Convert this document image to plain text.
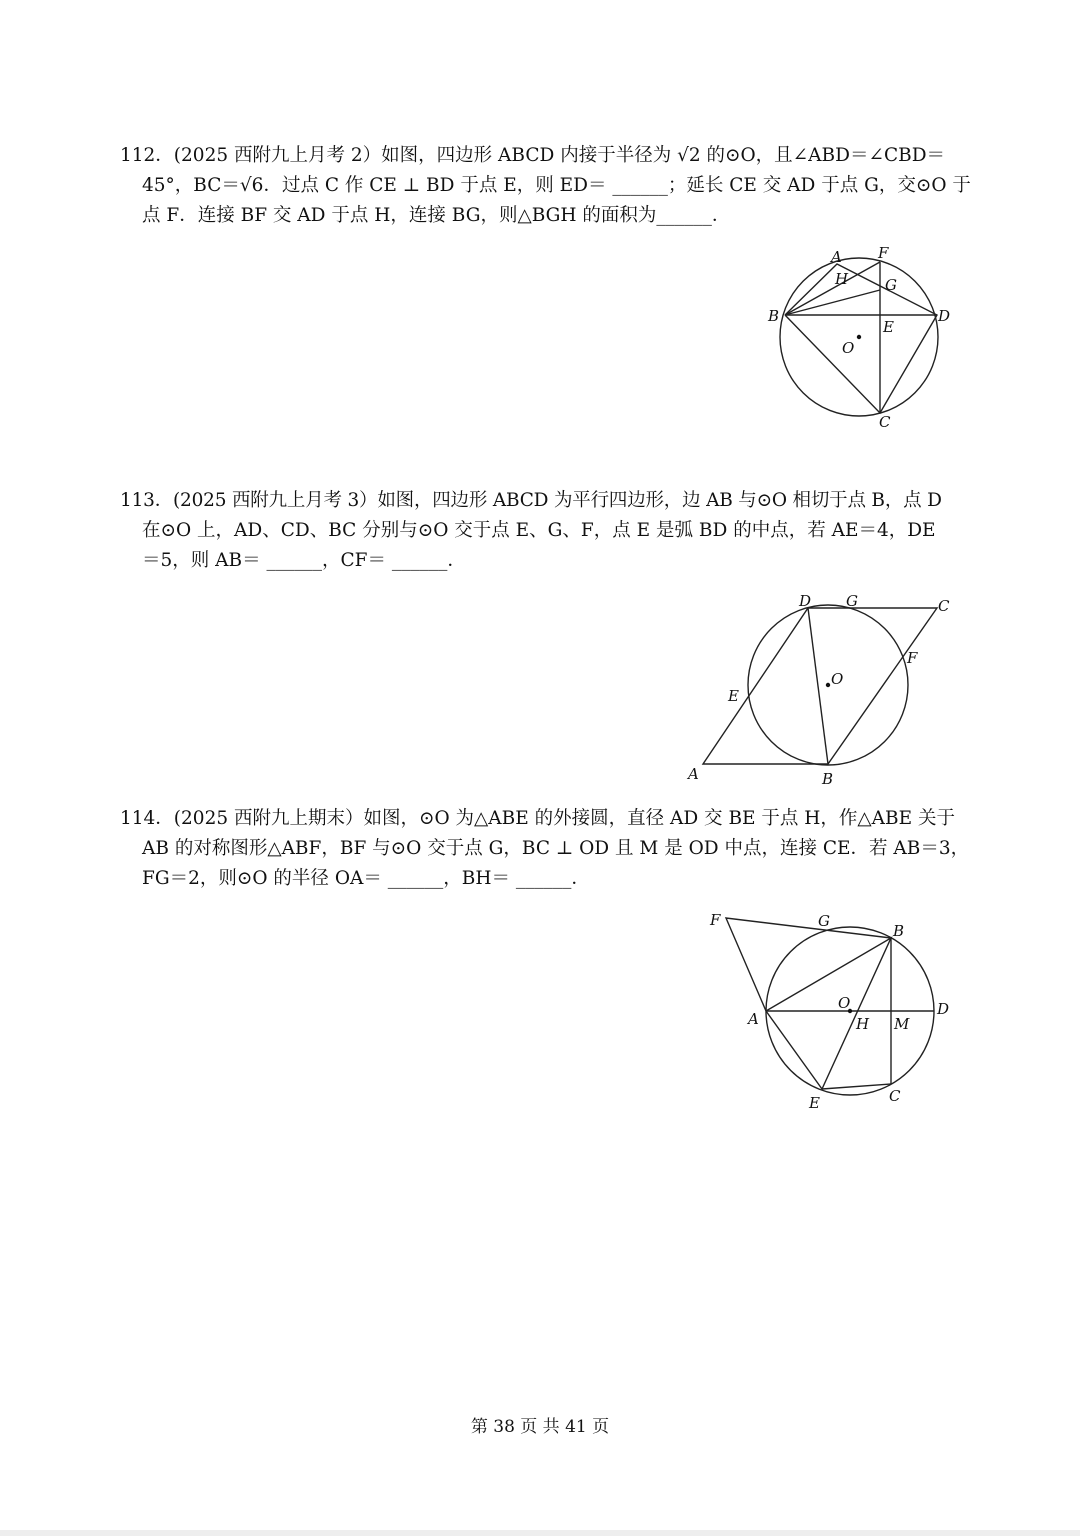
112．(2025 西附九上月考 2）如图，四边形 ABCD 内接于半径为 √2 的⊙O，且∠ABD＝∠CBD＝
45°，BC＝√6．过点 C 作 CE ⊥ BD 于点 E，则 ED＝ ______；延长 CE 交 AD 于点 G，交⊙O 于
点 F．连接 BF 交 AD 于点 H，连接 BG，则△BGH 的面积为______．
A F
H G
B	D
E
O
C
113．(2025 西附九上月考 3）如图，四边形 ABCD 为平行四边形，边 AB 与⊙O 相切于点 B，点 D
在⊙O 上，AD、CD、BC 分别与⊙O 交于点 E、G、F，点 E 是弧 BD 的中点，若 AE＝4，DE
＝5，则 AB＝ ______，CF＝ ______．
D G	C
F
O
E
A	B
114．(2025 西附九上期末）如图，⊙O 为△ABE 的外接圆，直径 AD 交 BE 于点 H，作△ABE 关于
AB 的对称图形△ABF，BF 与⊙O 交于点 G，BC ⊥ OD 且 M 是 OD 中点，连接 CE．若 AB＝3，
FG＝2，则⊙O 的半径 OA＝ ______，BH＝ ______．
F	G
B
O
A	H M
D
E	C
第 38 页 共 41 页
